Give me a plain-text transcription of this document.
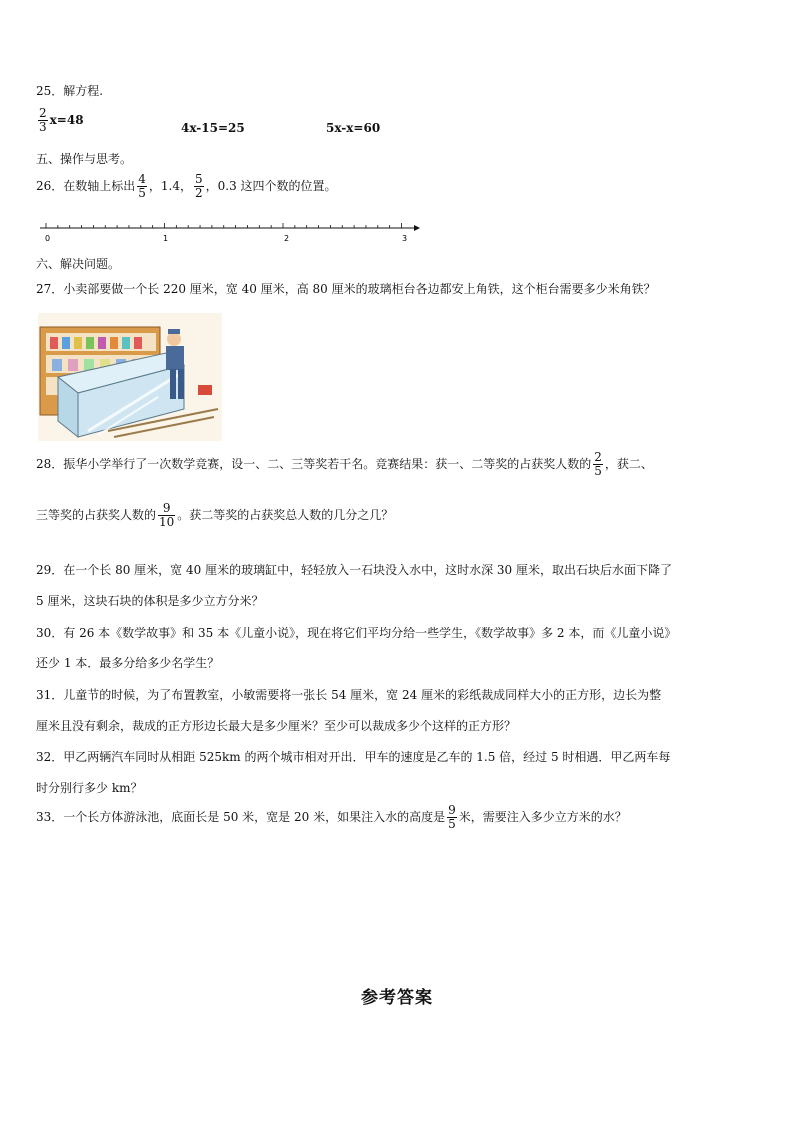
25．解方程.
$\frac{2}{3} x=48$
4x-15=25	5x-x=60
五、操作与思考。
26．在数轴上标出 $\frac{4}{5}$ ，1.4， $\frac{5}{2}$ ，0.3 这四个数的位置。
0	1	2	3
六、解决问题。
27．小卖部要做一个长 220 厘米，宽 40 厘米，高 80 厘米的玻璃柜台各边都安上角铁，这个柜台需要多少米角铁？
28．振华小学举行了一次数学竞赛，设一、二、三等奖若干名。竞赛结果：获一、二等奖的占获奖人数的 $\frac{2}{5}$ ，获二、
三等奖的占获奖人数的 $\frac{9}{10}$ 。获二等奖的占获奖总人数的几分之几？
29．在一个长 80 厘米，宽 40 厘米的玻璃缸中，轻轻放入一石块没入水中，这时水深 30 厘米，取出石块后水面下降了
5 厘米，这块石块的体积是多少立方分米？
30．有 26 本《数学故事》和 35 本《儿童小说》，现在将它们平均分给一些学生，《数学故事》多 2 本，而《儿童小说》
还少 1 本．最多分给多少名学生？
31．儿童节的时候，为了布置教室，小敏需要将一张长 54 厘米，宽 24 厘米的彩纸裁成同样大小的正方形，边长为整
厘米且没有剩余，裁成的正方形边长最大是多少厘米？至少可以裁成多少个这样的正方形？
32．甲乙两辆汽车同时从相距 525km 的两个城市相对开出．甲车的速度是乙车的 1.5 倍，经过 5 时相遇．甲乙两车每
时分别行多少 km？
33．一个长方体游泳池，底面长是 50 米，宽是 20 米，如果注入水的高度是 $\frac{9}{5}$ 米，需要注入多少立方米的水？
参考答案
